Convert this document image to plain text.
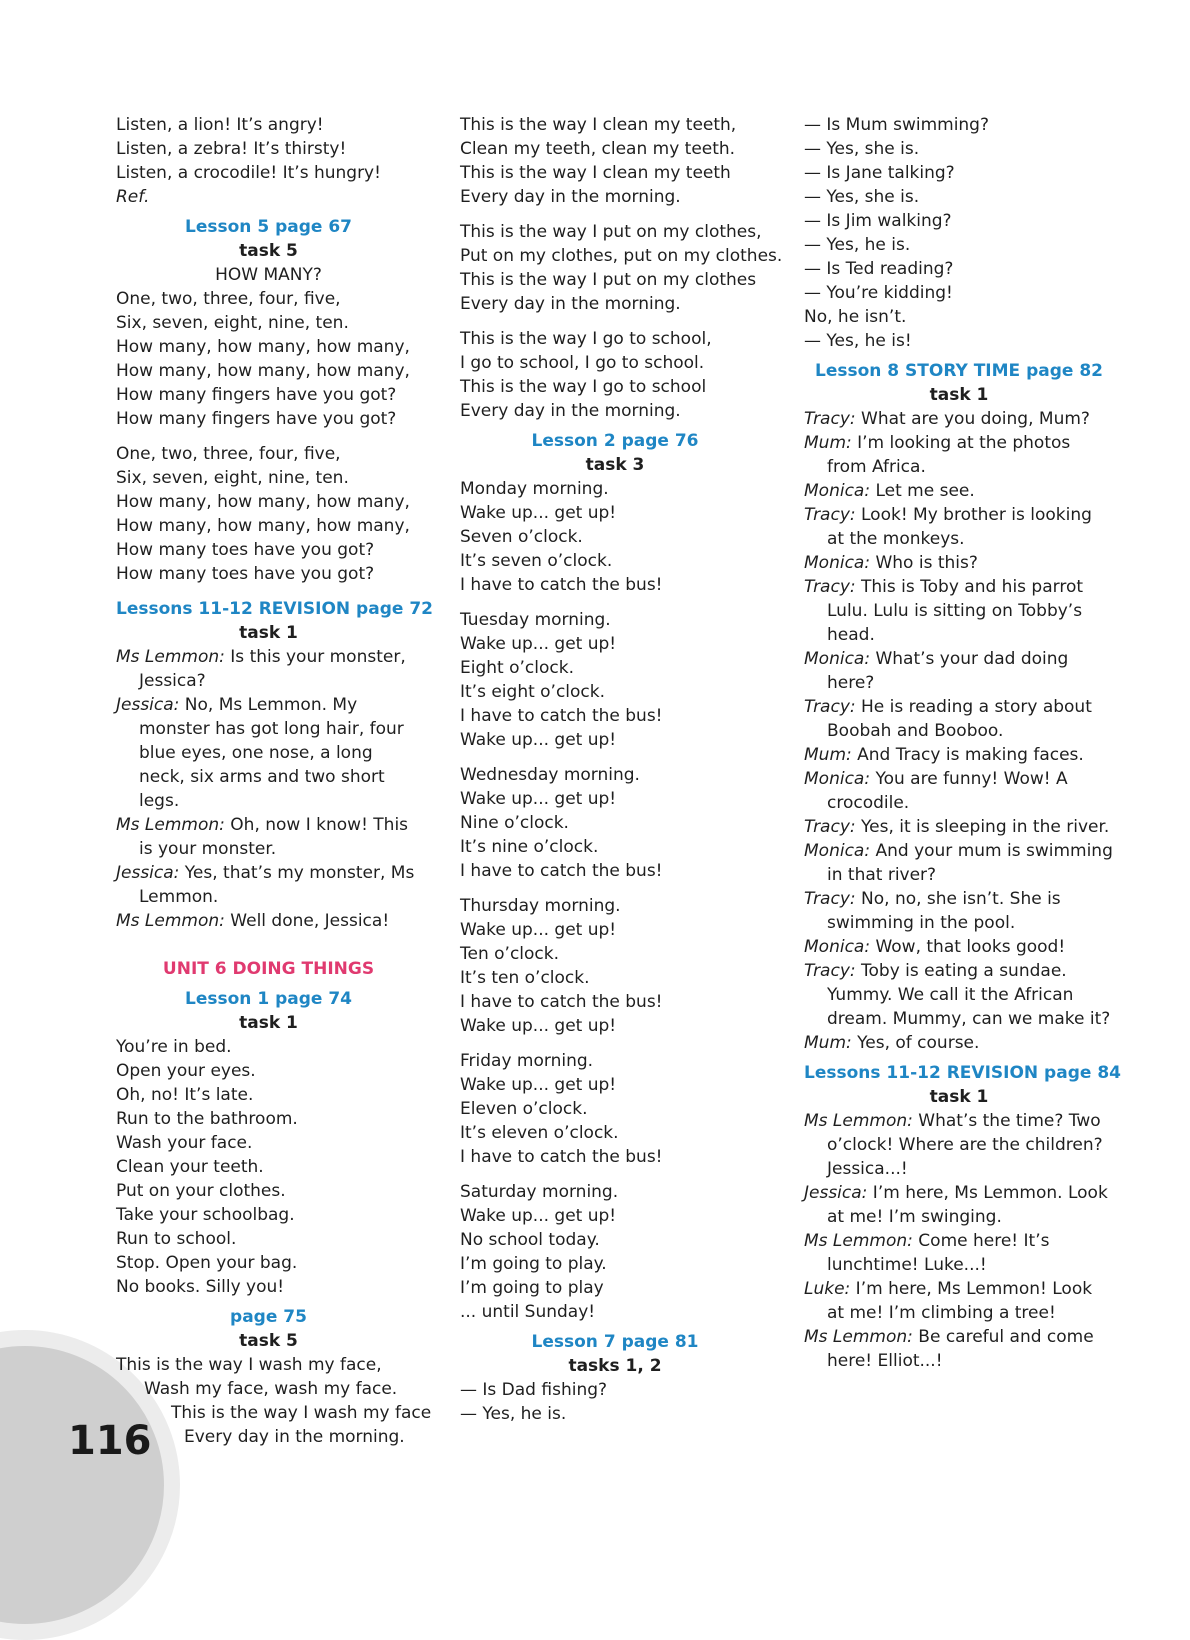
116
Listen, a lion! It’s angry!
Listen, a zebra! It’s thirsty!
Listen, a crocodile! It’s hungry!
Ref.
Lesson 5 page 67
task 5
HOW MANY?
One, two, three, four, five,
Six, seven, eight, nine, ten.
How many, how many, how many,
How many, how many, how many,
How many fingers have you got?
How many fingers have you got?
One, two, three, four, five,
Six, seven, eight, nine, ten.
How many, how many, how many,
How many, how many, how many,
How many toes have you got?
How many toes have you got?
Lessons 11-12 REVISION page 72
task 1
Ms Lemmon: Is this your monster, Jessica?
Jessica: No, Ms Lemmon. My monster has got long hair, four blue eyes, one nose, a long neck, six arms and two short legs.
Ms Lemmon: Oh, now I know! This is your monster.
Jessica: Yes, that’s my monster, Ms Lemmon.
Ms Lemmon: Well done, Jessica!
UNIT 6 DOING THINGS
Lesson 1 page 74
task 1
You’re in bed.
Open your eyes.
Oh, no! It’s late.
Run to the bathroom.
Wash your face.
Clean your teeth.
Put on your clothes.
Take your schoolbag.
Run to school.
Stop. Open your bag.
No books. Silly you!
page 75
task 5
This is the way I wash my face,
Wash my face, wash my face.
This is the way I wash my face
Every day in the morning.
This is the way I clean my teeth,
Clean my teeth, clean my teeth.
This is the way I clean my teeth
Every day in the morning.
This is the way I put on my clothes,
Put on my clothes, put on my clothes.
This is the way I put on my clothes
Every day in the morning.
This is the way I go to school,
I go to school, I go to school.
This is the way I go to school
Every day in the morning.
Lesson 2 page 76
task 3
Monday morning.
Wake up... get up!
Seven o’clock.
It’s seven o’clock.
I have to catch the bus!
Tuesday morning.
Wake up... get up!
Eight o’clock.
It’s eight o’clock.
I have to catch the bus!
Wake up... get up!
Wednesday morning.
Wake up... get up!
Nine o’clock.
It’s nine o’clock.
I have to catch the bus!
Thursday morning.
Wake up... get up!
Ten o’clock.
It’s ten o’clock.
I have to catch the bus!
Wake up... get up!
Friday morning.
Wake up... get up!
Eleven o’clock.
It’s eleven o’clock.
I have to catch the bus!
Saturday morning.
Wake up... get up!
No school today.
I’m going to play.
I’m going to play
... until Sunday!
Lesson 7 page 81
tasks 1, 2
— Is Dad fishing?
— Yes, he is.
— Is Mum swimming?
— Yes, she is.
— Is Jane talking?
— Yes, she is.
— Is Jim walking?
— Yes, he is.
— Is Ted reading?
— You’re kidding!
No, he isn’t.
— Yes, he is!
Lesson 8 STORY TIME page 82
task 1
Tracy: What are you doing, Mum?
Mum: I’m looking at the photos from Africa.
Monica: Let me see.
Tracy: Look! My brother is looking at the monkeys.
Monica: Who is this?
Tracy: This is Toby and his parrot Lulu. Lulu is sitting on Tobby’s head.
Monica: What’s your dad doing here?
Tracy: He is reading a story about Boobah and Booboo.
Mum: And Tracy is making faces.
Monica: You are funny! Wow! A crocodile.
Tracy: Yes, it is sleeping in the river.
Monica: And your mum is swimming in that river?
Tracy: No, no, she isn’t. She is swimming in the pool.
Monica: Wow, that looks good!
Tracy: Toby is eating a sundae. Yummy. We call it the African dream. Mummy, can we make it?
Mum: Yes, of course.
Lessons 11-12 REVISION page 84
task 1
Ms Lemmon: What’s the time? Two o’clock! Where are the children? Jessica...!
Jessica: I’m here, Ms Lemmon. Look at me! I’m swinging.
Ms Lemmon: Come here! It’s lunchtime! Luke...!
Luke: I’m here, Ms Lemmon! Look at me! I’m climbing a tree!
Ms Lemmon: Be careful and come here! Elliot...!
